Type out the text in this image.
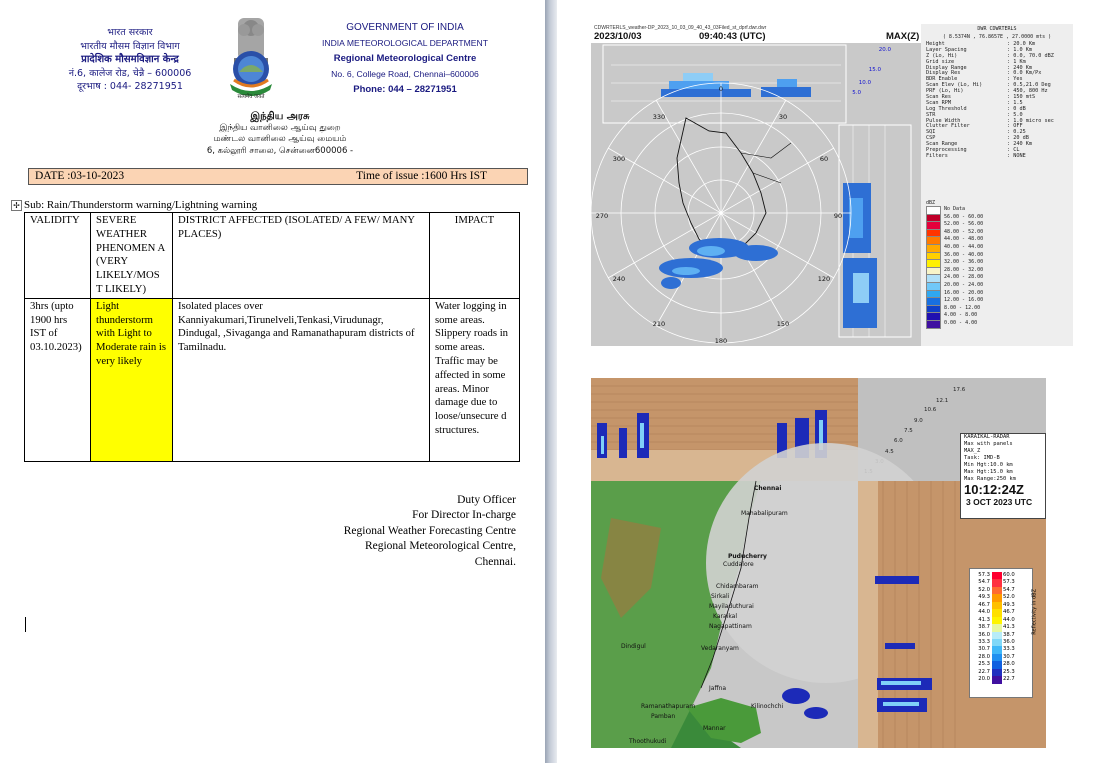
भारत सरकार
भारतीय मौसम विज्ञान विभाग
प्रादेशिक मौसमविज्ञान केन्द्र
नं.6, कालेज रोड, चेन्नै – 600006
दूरभाष : 044- 28271951
सत्यमेव जयते
GOVERNMENT OF INDIA
INDIA METEOROLOGICAL DEPARTMENT
Regional Meteorological Centre
No. 6, College Road, Chennai–600006
Phone: 044 – 28271951
இந்திய அரசு
இந்திய வானிலை ஆய்வு துறை
மண்டல வானிலை ஆய்வு மையம்
6, கல்லூரி சாலை, சென்னை600006 -
DATE :03-10-2023	Time of issue :1600 Hrs IST
✢ Sub: Rain/Thunderstorm warning/Lightning warning
VALIDITY	SEVERE WEATHER PHENOMEN A (VERY LIKELY/MOS T LIKELY)	DISTRICT AFFECTED (ISOLATED/ A FEW/ MANY PLACES)	IMPACT
3hrs (upto 1900 hrs IST of 03.10.2023)	Light thunderstorm with Light to Moderate rain is very likely	Isolated places over Kanniyakumari,Tirunelveli,Tenkasi,Virudunagr, Dindugal, ,Sivaganga and Ramanathapuram districts of Tamilnadu.	Water logging in some areas. Slippery roads in some areas. Traffic may be affected in some areas. Minor damage due to loose/unsecure d structures.
Duty Officer
For Director In-charge
Regional Weather Forecasting Centre
Regional Meteorological Centre,
Chennai.
CDWRTERLS_weather-DP_2023_10_03_09_40_43_03Filed_st_dprf.dwr.dwr
2023/10/03	09:40:43 (UTC)	MAX(Z)
20.0
15.0
10.0
5.0
330
300
270
240
210
180
150
120
90
60
30
0
DWR CDWRTERLS
( 8.5374N , 76.8657E , 27.0000 mts )
Height	: 20.0 Km
Layer Spacing	: 1.0 Km
Z (Lo, Hi)	: 0.0, 70.0 dBZ
Grid size	: 1 Km
Display Range	: 240 Km
Display Res	: 0.0 Km/Px
BDR Enable	: Yes
Scan Elev (Lo, Hi)	: 0.5,21.0 Deg
PRF (Lo, Hi)	: 450, 800 Hz
Scan Res	: 150 mtS
Scan RPM	: 1.5
Log Threshold	: 0 dB
STR	: 5.0
Pulse Width	: 1.0 micro sec
Clutter Filter	: OFF
SQI	: 0.25
CSP	: 20 dB
Scan Range	: 240 Km
Preprocessing	: CL
Filters	: NONE
dBZ
No Data
56.00 - 60.00
52.00 - 56.00
48.00 - 52.00
44.00 - 48.00
40.00 - 44.00
36.00 - 40.00
32.00 - 36.00
28.00 - 32.00
24.00 - 28.00
20.00 - 24.00
16.00 - 20.00
12.00 - 16.00
8.00 - 12.00
4.00 - 8.00
0.00 - 4.00
17.6
12.1
10.6
9.0
7.5
6.0
4.5
Chennai
Mahabalipuram
Puducherry
Cuddalore
Chidambaram
Sirkali
Mayiladuthurai
Karaikal
Nagapattinam
Vedaranyam
Jaffna
Kilinochchi
Ramanathapuram
Pamban
Mannar
Thoothukudi
Dindigul
KARAIKAL-RADAR
Max with panels
MAX_Z
Task: IMD-B
Min Hgt:10.0 km
Max Hgt:15.0 km
Max Range:250 km
10:12:24Z
3 OCT 2023 UTC
57.3 60.0
54.7 57.3
52.0 54.7
49.3 52.0
46.7 49.3
44.0 46.7
41.3 44.0
38.7 41.3
36.0 38.7
33.3 36.0
30.7 33.3
28.0 30.7
25.3 28.0
22.7 25.3
20.0 22.7
Reflectivity in dBZ
